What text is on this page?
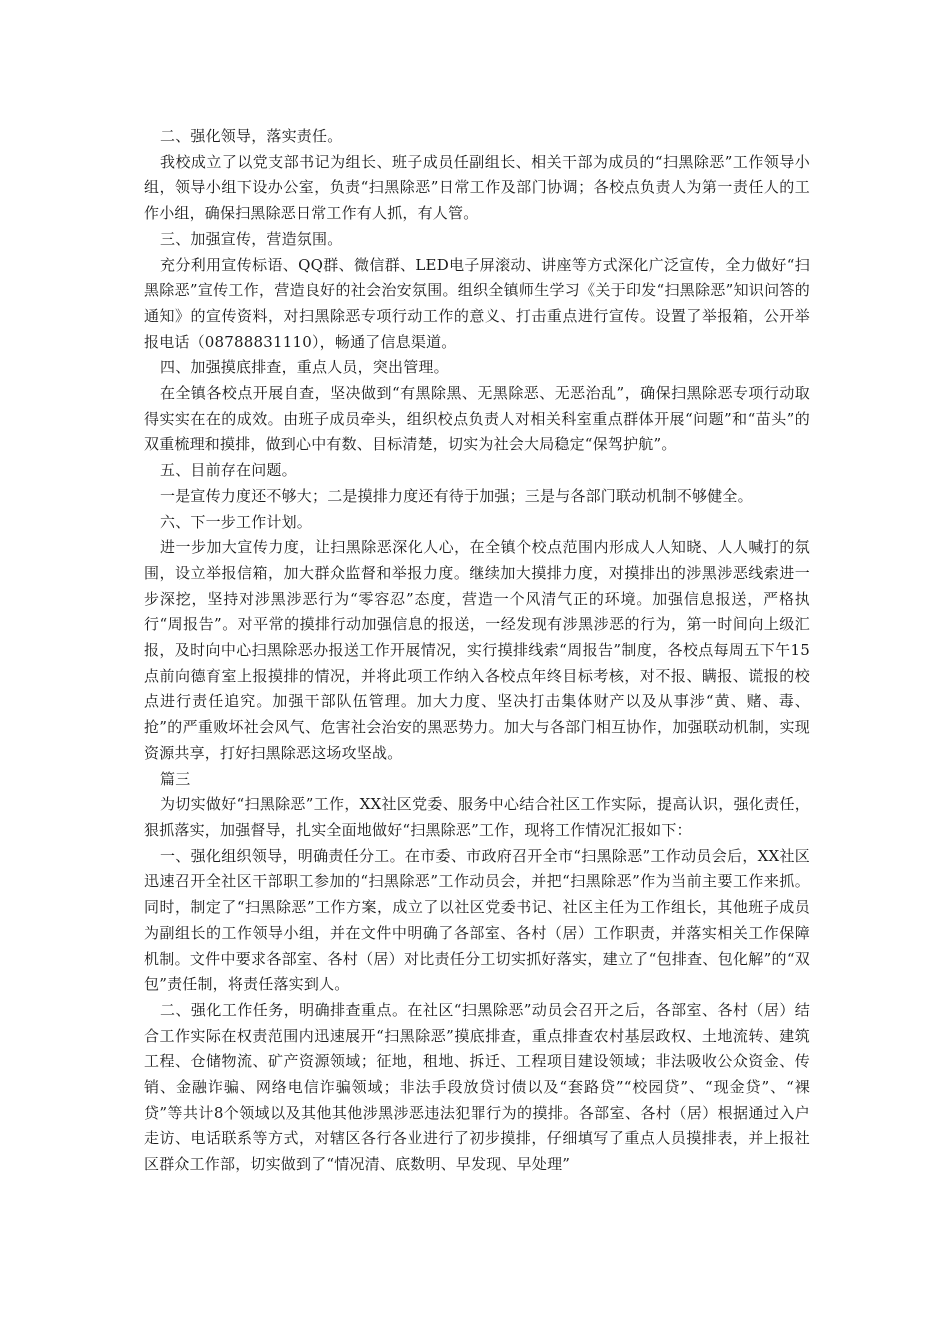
二、强化领导，落实责任。

我校成立了以党支部书记为组长、班子成员任副组长、相关干部为成员的“扫黑除恶”工作领导小组，领导小组下设办公室，负责“扫黑除恶”日常工作及部门协调；各校点负责人为第一责任人的工作小组，确保扫黑除恶日常工作有人抓，有人管。

三、加强宣传，营造氛围。

充分利用宣传标语、QQ群、微信群、LED电子屏滚动、讲座等方式深化广泛宣传，全力做好“扫黑除恶”宣传工作，营造良好的社会治安氛围。组织全镇师生学习《关于印发“扫黑除恶”知识问答的通知》的宣传资料，对扫黑除恶专项行动工作的意义、打击重点进行宣传。设置了举报箱，公开举报电话（08788831110），畅通了信息渠道。

四、加强摸底排查，重点人员，突出管理。

在全镇各校点开展自查，坚决做到“有黑除黑、无黑除恶、无恶治乱”，确保扫黑除恶专项行动取得实实在在的成效。由班子成员牵头，组织校点负责人对相关科室重点群体开展“问题”和“苗头”的双重梳理和摸排，做到心中有数、目标清楚，切实为社会大局稳定“保驾护航”。

五、目前存在问题。

一是宣传力度还不够大；二是摸排力度还有待于加强；三是与各部门联动机制不够健全。

六、下一步工作计划。

进一步加大宣传力度，让扫黑除恶深化人心，在全镇个校点范围内形成人人知晓、人人喊打的氛围，设立举报信箱，加大群众监督和举报力度。继续加大摸排力度，对摸排出的涉黑涉恶线索进一步深挖，坚持对涉黑涉恶行为“零容忍”态度，营造一个风清气正的环境。加强信息报送，严格执行“周报告”。对平常的摸排行动加强信息的报送，一经发现有涉黑涉恶的行为，第一时间向上级汇报，及时向中心扫黑除恶办报送工作开展情况，实行摸排线索“周报告”制度，各校点每周五下午15点前向德育室上报摸排的情况，并将此项工作纳入各校点年终目标考核，对不报、瞒报、谎报的校点进行责任追究。加强干部队伍管理。加大力度、坚决打击集体财产以及从事涉“黄、赌、毒、抢”的严重败坏社会风气、危害社会治安的黑恶势力。加大与各部门相互协作，加强联动机制，实现资源共享，打好扫黑除恶这场攻坚战。

篇三

为切实做好“扫黑除恶”工作，XX社区党委、服务中心结合社区工作实际，提高认识，强化责任，狠抓落实，加强督导，扎实全面地做好“扫黑除恶”工作，现将工作情况汇报如下：

一、强化组织领导，明确责任分工。在市委、市政府召开全市“扫黑除恶”工作动员会后，XX社区迅速召开全社区干部职工参加的“扫黑除恶”工作动员会，并把“扫黑除恶”作为当前主要工作来抓。同时，制定了“扫黑除恶”工作方案，成立了以社区党委书记、社区主任为工作组长，其他班子成员为副组长的工作领导小组，并在文件中明确了各部室、各村（居）工作职责，并落实相关工作保障机制。文件中要求各部室、各村（居）对比责任分工切实抓好落实，建立了“包排查、包化解”的“双包”责任制，将责任落实到人。

二、强化工作任务，明确排查重点。在社区“扫黑除恶”动员会召开之后，各部室、各村（居）结合工作实际在权责范围内迅速展开“扫黑除恶”摸底排查，重点排查农村基层政权、土地流转、建筑工程、仓储物流、矿产资源领域；征地，租地、拆迁、工程项目建设领域；非法吸收公众资金、传销、金融诈骗、网络电信诈骗领域；非法手段放贷讨债以及“套路贷”“校园贷”、“现金贷”、“裸贷”等共计8个领域以及其他其他涉黑涉恶违法犯罪行为的摸排。各部室、各村（居）根据通过入户走访、电话联系等方式，对辖区各行各业进行了初步摸排，仔细填写了重点人员摸排表，并上报社区群众工作部，切实做到了“情况清、底数明、早发现、早处理”
